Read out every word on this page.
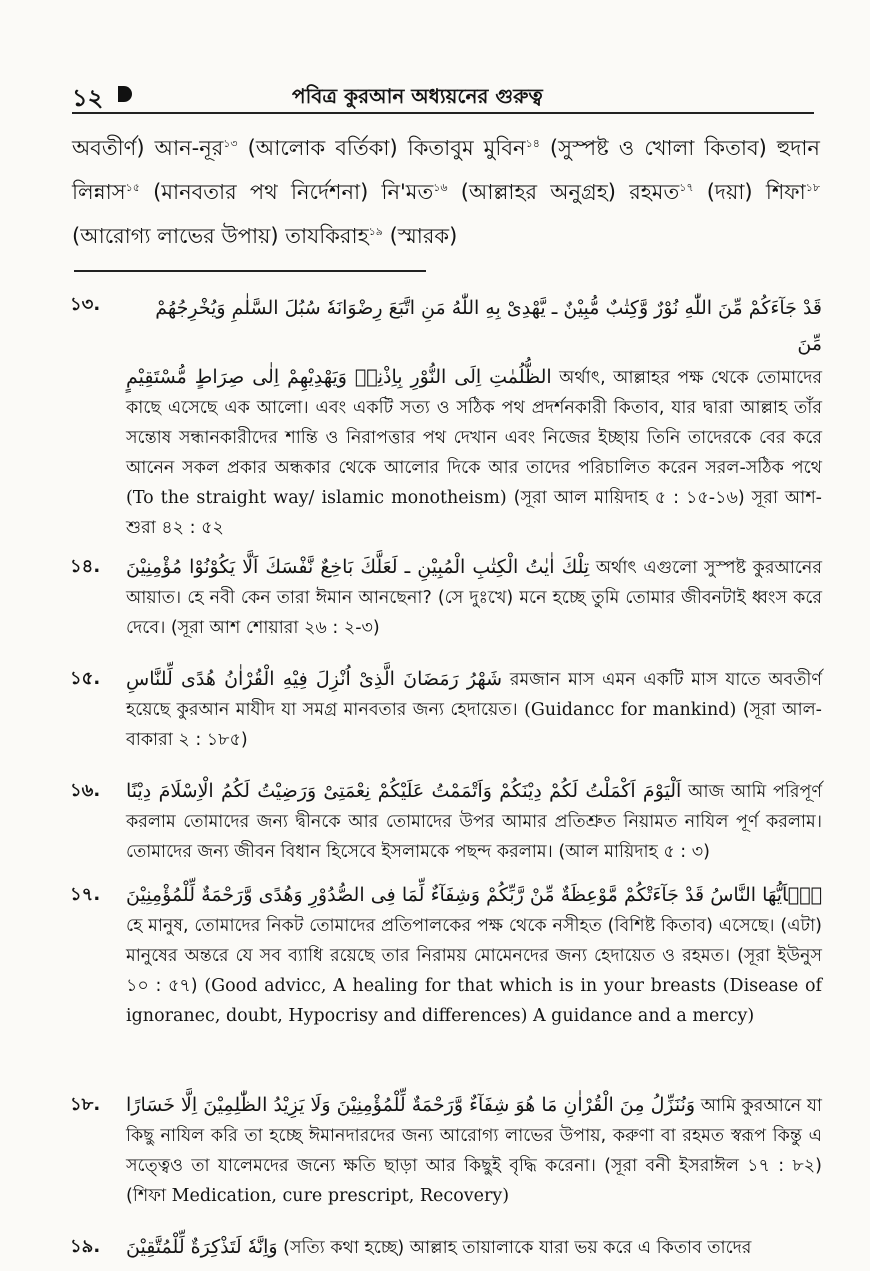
১২	পবিত্র কুরআন অধ্যয়নের গুরুত্ব
অবতীর্ণ) আন-নূর$^{১৩}$ (আলোক বর্তিকা) কিতাবুম মুবিন$^{১৪}$ (সুস্পষ্ট ও খোলা কিতাব) হুদান লিন্নাস$^{১৫}$ (মানবতার পথ নির্দেশনা) নি'মত$^{১৬}$ (আল্লাহর অনুগ্রহ) রহমত$^{১৭}$ (দয়া) শিফা$^{১৮}$ (আরোগ্য লাভের উপায়) তাযকিরাহ$^{১৯}$ (স্মারক)
১৩.	قَدْ جَآءَكُمْ مِّنَ اللّٰهِ نُوْرٌ وَّكِتٰبٌ مُّبِيْنٌ ـ يَّهْدِىْ بِهِ اللّٰهُ مَنِ اتَّبَعَ رِضْوَانَهٗ سُبُلَ السَّلٰمِ وَيُخْرِجُهُمْ مِّنَ
الظُّلُمٰتِ اِلَى النُّوْرِ بِاِذْنِهٖ وَيَهْدِيْهِمْ اِلٰى صِرَاطٍ مُّسْتَقِيْمٍ অর্থাৎ, আল্লাহর পক্ষ থেকে তোমাদের কাছে এসেছে এক আলো। এবং একটি সত্য ও সঠিক পথ প্রদর্শনকারী কিতাব, যার দ্বারা আল্লাহ তাঁর সন্তোষ সন্ধানকারীদের শান্তি ও নিরাপত্তার পথ দেখান এবং নিজের ইচ্ছায় তিনি তাদেরকে বের করে আনেন সকল প্রকার অন্ধকার থেকে আলোর দিকে আর তাদের পরিচালিত করেন সরল-সঠিক পথে (To the straight way/ islamic monotheism) (সূরা আল মায়িদাহ ৫ : ১৫-১৬) সূরা আশ-শুরা ৪২ : ৫২
১৪. تِلْكَ اٰيٰتُ الْكِتٰبِ الْمُبِيْنِ ـ لَعَلَّكَ بَاخِعٌ نَّفْسَكَ اَلَّا يَكُوْنُوْا مُؤْمِنِيْنَ অর্থাৎ এগুলো সুস্পষ্ট কুরআনের আয়াত। হে নবী কেন তারা ঈমান আনছেনা? (সে দুঃখে) মনে হচ্ছে তুমি তোমার জীবনটাই ধ্বংস করে দেবে। (সূরা আশ শোয়ারা ২৬ : ২-৩)
১৫. شَهْرُ رَمَضَانَ الَّذِىْ اُنْزِلَ فِيْهِ الْقُرْاٰنُ هُدًى لِّلنَّاسِ রমজান মাস এমন একটি মাস যাতে অবতীর্ণ হয়েছে কুরআন মাযীদ যা সমগ্র মানবতার জন্য হেদায়েত। (Guidancc for mankind) (সূরা আল-বাকারা ২ : ১৮৫)
১৬. اَلْيَوْمَ اَكْمَلْتُ لَكُمْ دِيْنَكُمْ وَاَتْمَمْتُ عَلَيْكُمْ نِعْمَتِىْ وَرَضِيْتُ لَكُمُ الْاِسْلَامَ دِيْنًا আজ আমি পরিপূর্ণ করলাম তোমাদের জন্য দ্বীনকে আর তোমাদের উপর আমার প্রতিশ্রুত নিয়ামত নাযিল পূর্ণ করলাম। তোমাদের জন্য জীবন বিধান হিসেবে ইসলামকে পছন্দ করলাম। (আল মায়িদাহ ৫ : ৩)
১৭. يٰۤاَيُّهَا النَّاسُ قَدْ جَآءَتْكُمْ مَّوْعِظَةٌ مِّنْ رَّبِّكُمْ وَشِفَآءٌ لِّمَا فِى الصُّدُوْرِ وَهُدًى وَّرَحْمَةٌ لِّلْمُؤْمِنِيْنَ হে মানুষ, তোমাদের নিকট তোমাদের প্রতিপালকের পক্ষ থেকে নসীহত (বিশিষ্ট কিতাব) এসেছে। (এটা) মানুষের অন্তরে যে সব ব্যাধি রয়েছে তার নিরাময় মোমেনদের জন্য হেদায়েত ও রহমত। (সূরা ইউনুস ১০ : ৫৭) (Good advicc, A healing for that which is in your breasts (Disease of ignoranec, doubt, Hypocrisy and differences) A guidance and a mercy)
১৮. وَنُنَزِّلُ مِنَ الْقُرْاٰنِ مَا هُوَ شِفَآءٌ وَّرَحْمَةٌ لِّلْمُؤْمِنِيْنَ وَلَا يَزِيْدُ الظّٰلِمِيْنَ اِلَّا خَسَارًا আমি কুরআনে যা কিছু নাযিল করি তা হচ্ছে ঈমানদারদের জন্য আরোগ্য লাভের উপায়, করুণা বা রহমত স্বরূপ কিন্তু এ সত্ত্বেও তা যালেমদের জন্যে ক্ষতি ছাড়া আর কিছুই বৃদ্ধি করেনা। (সূরা বনী ইসরাঈল ১৭ : ৮২) (শিফা Medication, cure prescript, Recovery)
১৯. وَاِنَّهٗ لَتَذْكِرَةٌ لِّلْمُتَّقِيْنَ (সত্যি কথা হচ্ছে) আল্লাহ তায়ালাকে যারা ভয় করে এ কিতাব তাদের
